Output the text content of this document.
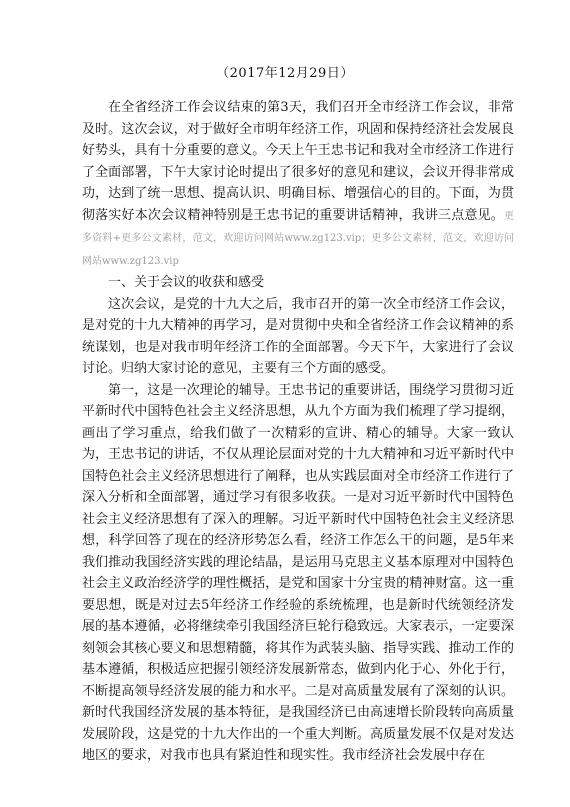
（2017年12月29日）

在全省经济工作会议结束的第3天，我们召开全市经济工作会议，非常及时。这次会议，对于做好全市明年经济工作，巩固和保持经济社会发展良好势头，具有十分重要的意义。今天上午王忠书记和我对全市经济工作进行了全面部署，下午大家讨论时提出了很多好的意见和建议，会议开得非常成功，达到了统一思想、提高认识、明确目标、增强信心的目的。下面，为贯彻落实好本次会议精神特别是王忠书记的重要讲话精神，我讲三点意见。更多资料+更多公文素材，范文，欢迎访问网站www.zg123.vip；更多公文素材，范文，欢迎访问网站www.zg123.vip

一、关于会议的收获和感受

这次会议，是党的十九大之后，我市召开的第一次全市经济工作会议，是对党的十九大精神的再学习，是对贯彻中央和全省经济工作会议精神的系统谋划，也是对我市明年经济工作的全面部署。今天下午，大家进行了会议讨论。归纳大家讨论的意见，主要有三个方面的感受。

第一，这是一次理论的辅导。王忠书记的重要讲话，围绕学习贯彻习近平新时代中国特色社会主义经济思想，从九个方面为我们梳理了学习提纲，画出了学习重点，给我们做了一次精彩的宣讲、精心的辅导。大家一致认为，王忠书记的讲话，不仅从理论层面对党的十九大精神和习近平新时代中国特色社会主义经济思想进行了阐释，也从实践层面对全市经济工作进行了深入分析和全面部署，通过学习有很多收获。一是对习近平新时代中国特色社会主义经济思想有了深入的理解。习近平新时代中国特色社会主义经济思想，科学回答了现在的经济形势怎么看，经济工作怎么干的问题，是5年来我们推动我国经济实践的理论结晶，是运用马克思主义基本原理对中国特色社会主义政治经济学的理性概括，是党和国家十分宝贵的精神财富。这一重要思想，既是对过去5年经济工作经验的系统梳理，也是新时代统领经济发展的基本遵循，必将继续牵引我国经济巨轮行稳致远。大家表示，一定要深刻领会其核心要义和思想精髓，将其作为武装头脑、指导实践、推动工作的基本遵循，积极适应把握引领经济发展新常态，做到内化于心、外化于行，不断提高领导经济发展的能力和水平。二是对高质量发展有了深刻的认识。新时代我国经济发展的基本特征，是我国经济已由高速增长阶段转向高质量发展阶段，这是党的十九大作出的一个重大判断。高质量发展不仅是对发达地区的要求，对我市也具有紧迫性和现实性。我市经济社会发展中存在
